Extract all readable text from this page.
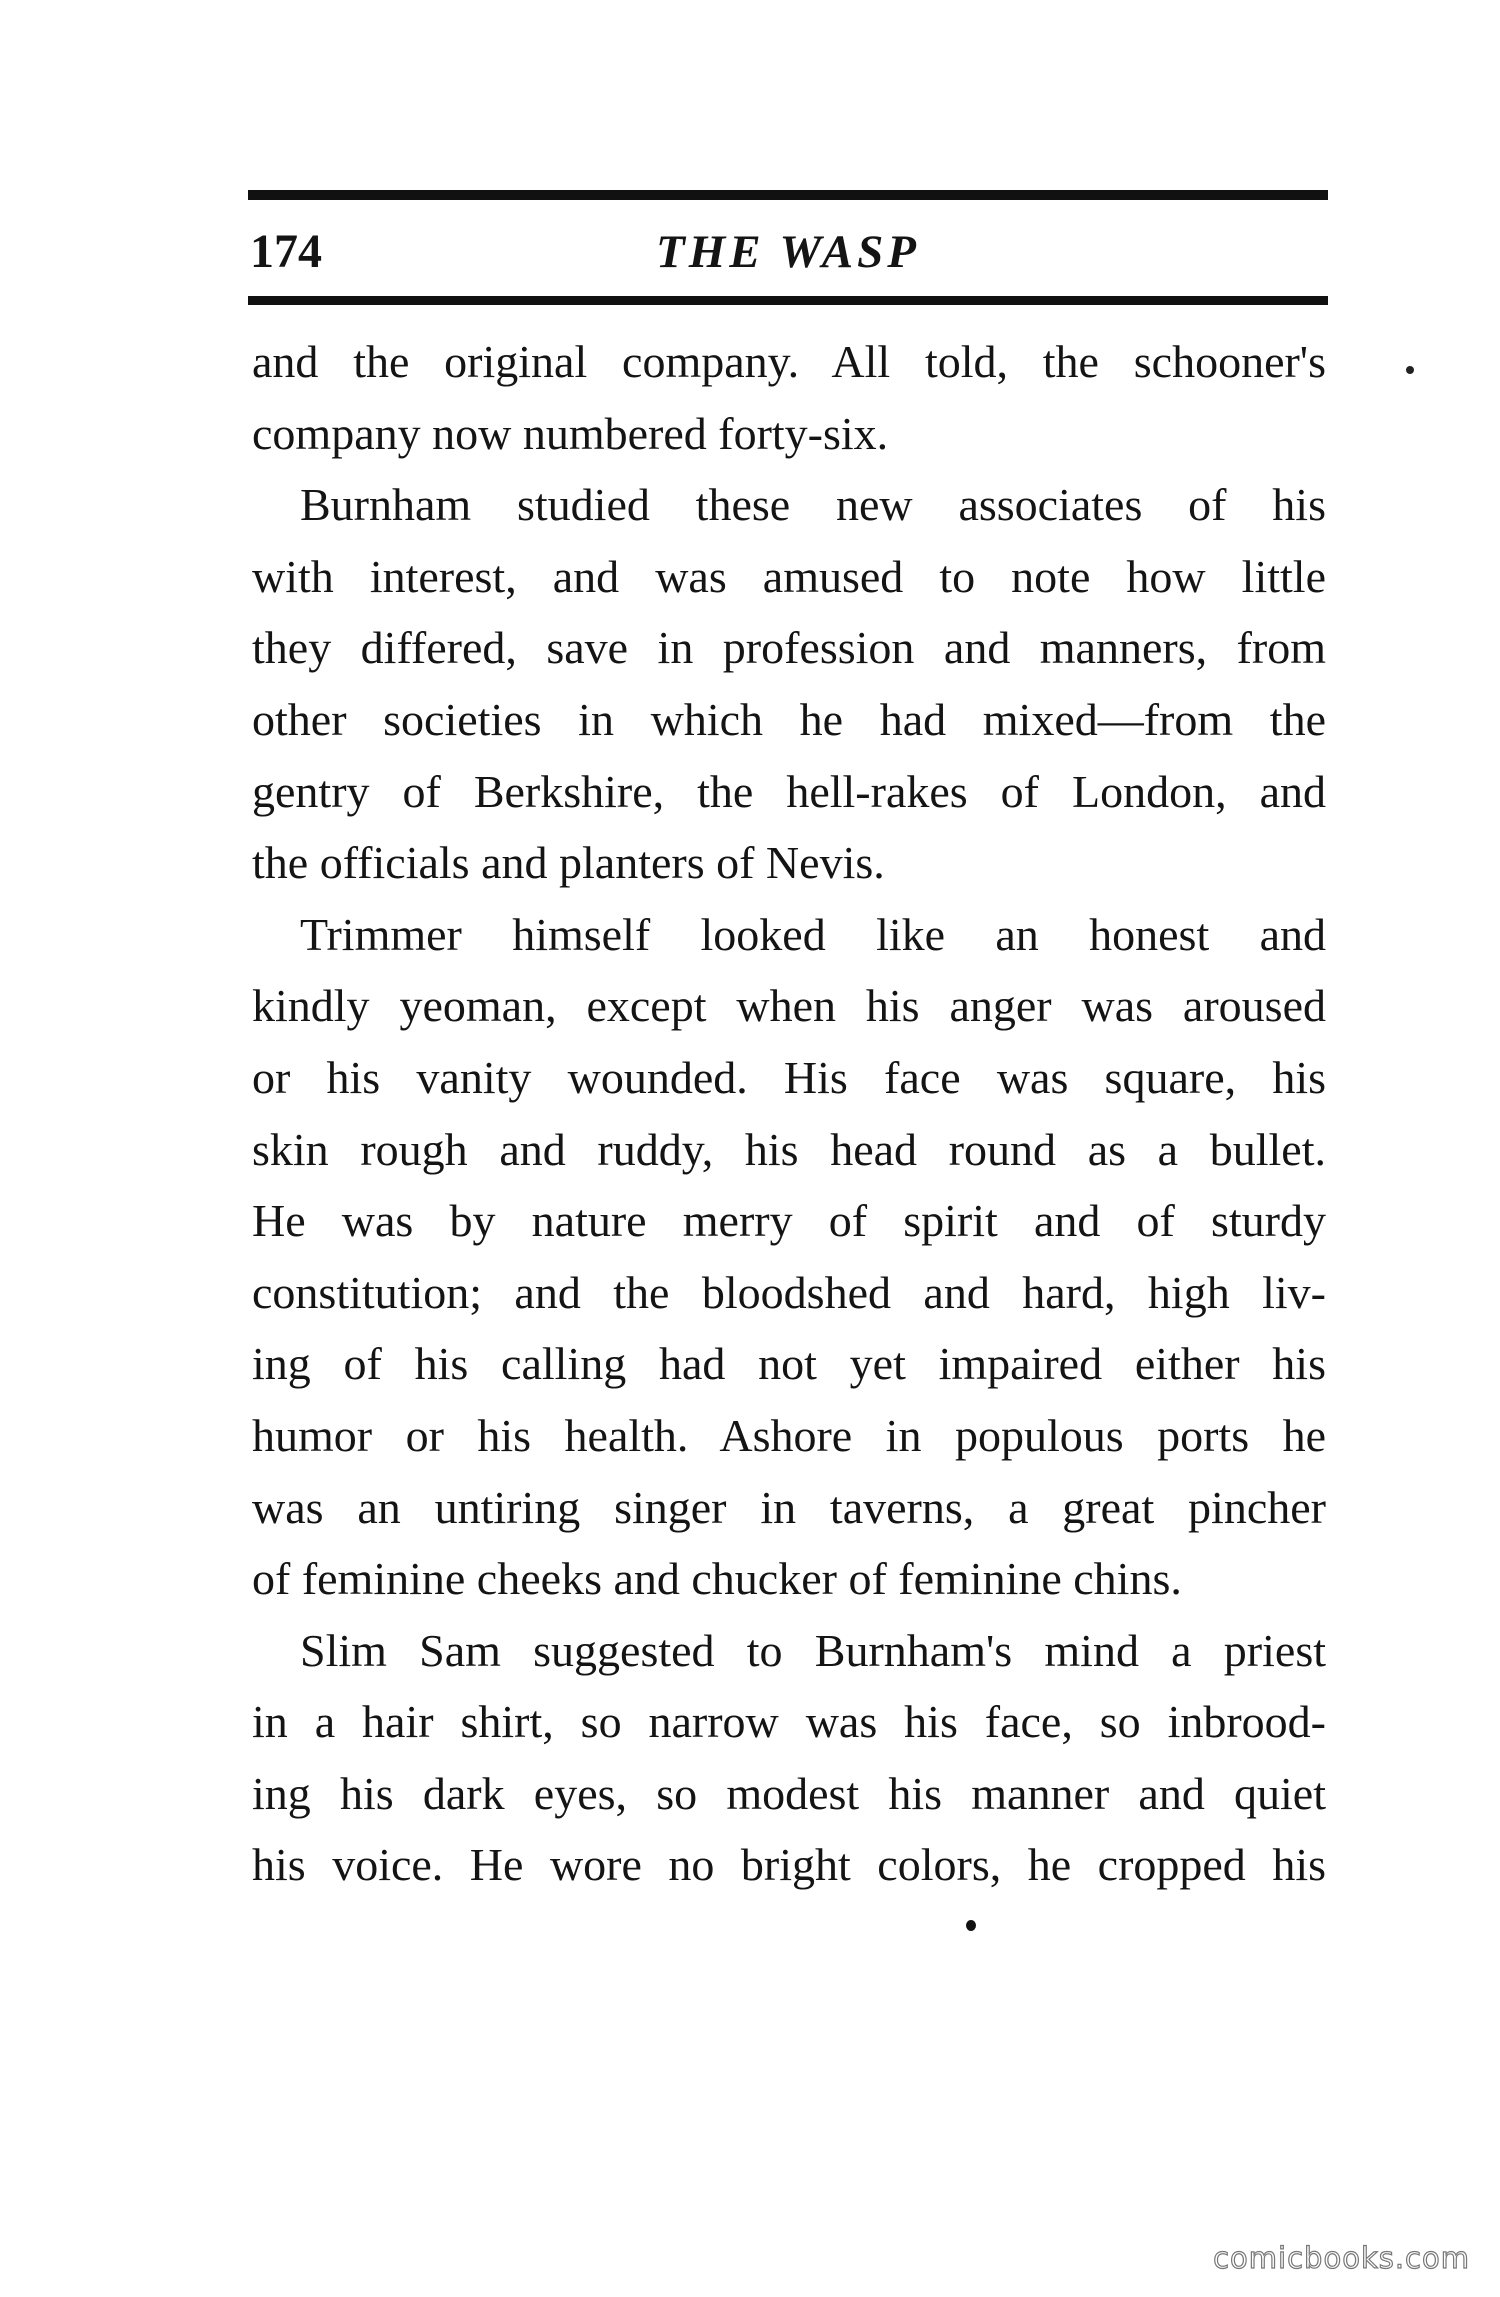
174	THE WASP
and the original company. All told, the schooner's
company now numbered forty-six.
Burnham studied these new associates of his
with interest, and was amused to note how little
they differed, save in profession and manners, from
other societies in which he had mixed—from the
gentry of Berkshire, the hell-rakes of London, and
the officials and planters of Nevis.
Trimmer himself looked like an honest and
kindly yeoman, except when his anger was aroused
or his vanity wounded. His face was square, his
skin rough and ruddy, his head round as a bullet.
He was by nature merry of spirit and of sturdy
constitution; and the bloodshed and hard, high liv-
ing of his calling had not yet impaired either his
humor or his health. Ashore in populous ports he
was an untiring singer in taverns, a great pincher
of feminine cheeks and chucker of feminine chins.
Slim Sam suggested to Burnham's mind a priest
in a hair shirt, so narrow was his face, so inbrood-
ing his dark eyes, so modest his manner and quiet
his voice. He wore no bright colors, he cropped his
comicbooks.com
